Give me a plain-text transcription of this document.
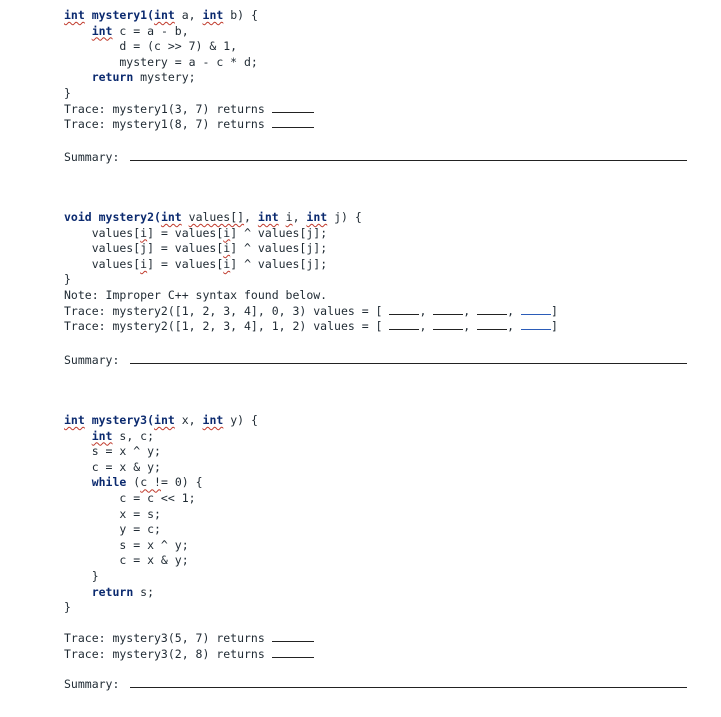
int mystery1(int a, int b) {
int c = a - b,
d = (c >> 7) & 1,
mystery = a - c * d;
return mystery;
}
Trace: mystery1(3, 7) returns
Trace: mystery1(8, 7) returns
Summary:
void mystery2(int values[], int i, int j) {
values[i] = values[i] ^ values[j];
values[j] = values[i] ^ values[j];
values[i] = values[i] ^ values[j];
}
Note: Improper C++ syntax found below.
Trace: mystery2([1, 2, 3, 4], 0, 3) values = [	,	,	,	]
Trace: mystery2([1, 2, 3, 4], 1, 2) values = [	,	,	,	]
Summary:
int mystery3(int x, int y) {
int s, c;
s = x ^ y;
c = x & y;
while (c != 0) {
c = c << 1;
x = s;
y = c;
s = x ^ y;
c = x & y;
}
return s;
}
Trace: mystery3(5, 7) returns
Trace: mystery3(2, 8) returns
Summary:
